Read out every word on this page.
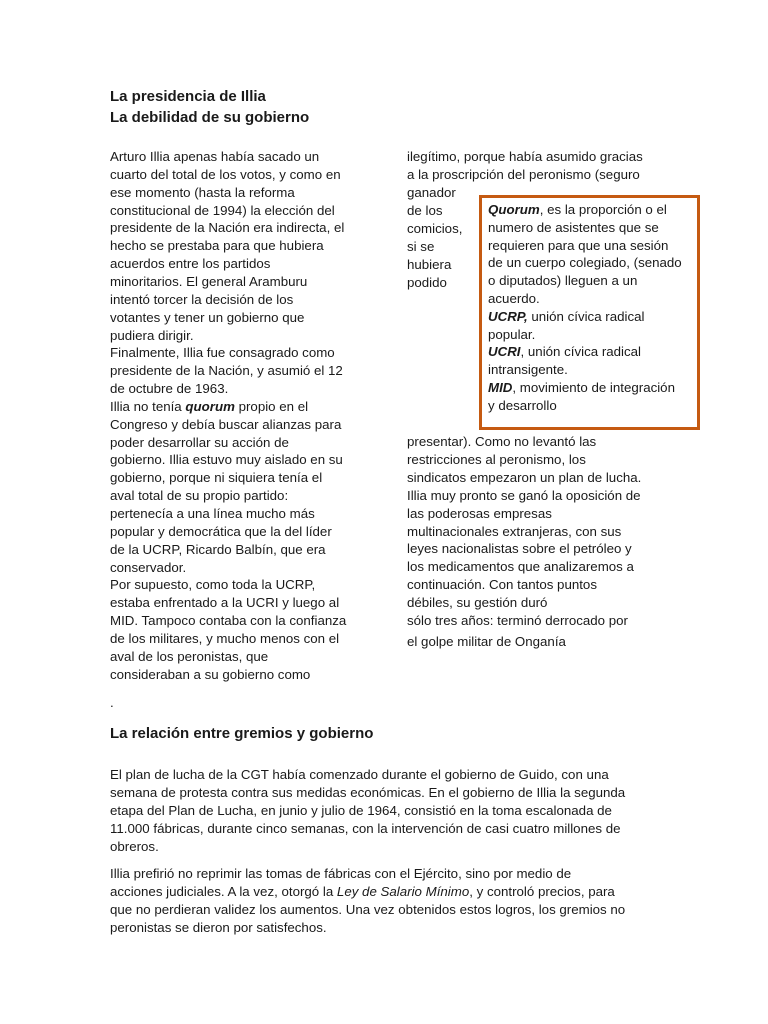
La presidencia de Illia
La debilidad de su gobierno
Arturo Illia apenas había sacado un
cuarto del total de los votos, y como en
ese momento (hasta la reforma
constitucional de 1994) la elección del
presidente de la Nación era indirecta, el
hecho se prestaba para que hubiera
acuerdos entre los partidos
minoritarios. El general Aramburu
intentó torcer la decisión de los
votantes y tener un gobierno que
pudiera dirigir.
Finalmente, Illia fue consagrado como
presidente de la Nación, y asumió el 12
de octubre de 1963.
Illia no tenía quorum propio en el
Congreso y debía buscar alianzas para
poder desarrollar su acción de
gobierno. Illia estuvo muy aislado en su
gobierno, porque ni siquiera tenía el
aval total de su propio partido:
pertenecía a una línea mucho más
popular y democrática que la del líder
de la UCRP, Ricardo Balbín, que era
conservador.
Por supuesto, como toda la UCRP,
estaba enfrentado a la UCRI y luego al
MID. Tampoco contaba con la confianza
de los militares, y mucho menos con el
aval de los peronistas, que
consideraban a su gobierno como
.
ilegítimo, porque había asumido gracias
a la proscripción del peronismo (seguro
ganador
de los
comicios,
si se
hubiera
podido
presentar). Como no levantó las
restricciones al peronismo, los
sindicatos empezaron un plan de lucha.
Illia muy pronto se ganó la oposición de
las poderosas empresas
multinacionales extranjeras, con sus
leyes nacionalistas sobre el petróleo y
los medicamentos que analizaremos a
continuación. Con tantos puntos
débiles, su gestión duró
sólo tres años: terminó derrocado por
el golpe militar de Onganía
Quorum, es la proporción o el
numero de asistentes que se
requieren para que una sesión
de un cuerpo colegiado, (senado
o diputados) lleguen a un
acuerdo.
UCRP, unión cívica radical
popular.
UCRI, unión cívica radical
intransigente.
MID, movimiento de integración
y desarrollo
La relación entre gremios y gobierno
El plan de lucha de la CGT había comenzado durante el gobierno de Guido, con una
semana de protesta contra sus medidas económicas. En el gobierno de Illia la segunda
etapa del Plan de Lucha, en junio y julio de 1964, consistió en la toma escalonada de
11.000 fábricas, durante cinco semanas, con la intervención de casi cuatro millones de
obreros.
Illia prefirió no reprimir las tomas de fábricas con el Ejército, sino por medio de
acciones judiciales. A la vez, otorgó la Ley de Salario Mínimo, y controló precios, para
que no perdieran validez los aumentos. Una vez obtenidos estos logros, los gremios no
peronistas se dieron por satisfechos.
